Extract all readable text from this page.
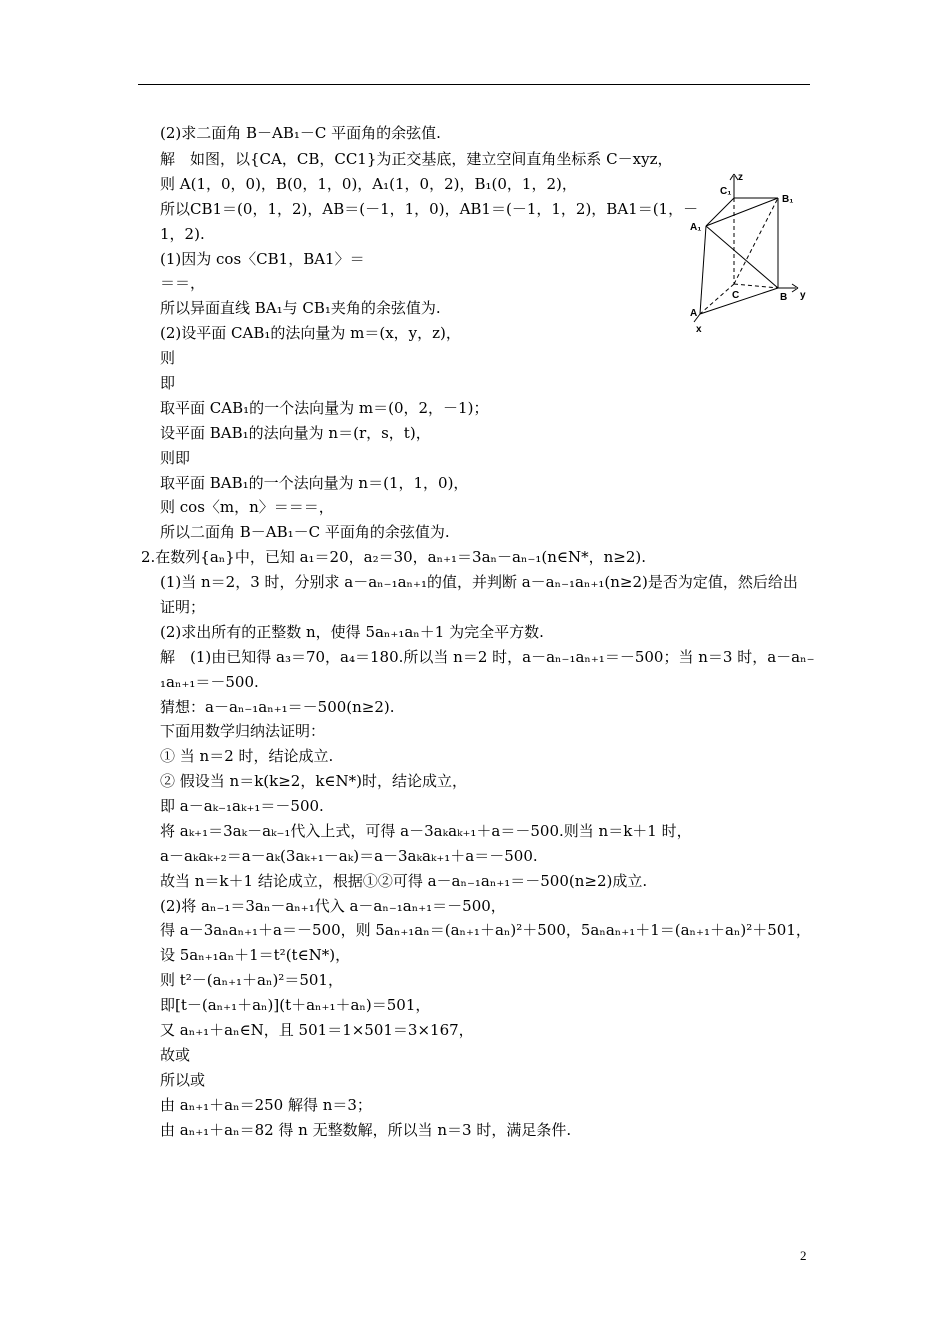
(2)求二面角 B－AB₁－C 平面角的余弦值.
解　如图，以{CA，CB，CC1}为正交基底，建立空间直角坐标系 C－xyz，
则 A(1，0，0)，B(0，1，0)，A₁(1，0，2)，B₁(0，1，2)，
所以CB1＝(0，1，2)，AB＝(－1，1，0)，AB1＝(－1，1，2)，BA1＝(1，－
1，2).
(1)因为 cos〈CB1，BA1〉＝
＝＝，
所以异面直线 BA₁与 CB₁夹角的余弦值为.
(2)设平面 CAB₁的法向量为 m＝(x，y，z)，
则
即
取平面 CAB₁的一个法向量为 m＝(0，2，－1)；
设平面 BAB₁的法向量为 n＝(r，s，t)，
则即
取平面 BAB₁的一个法向量为 n＝(1，1，0)，
则 cos〈m，n〉＝＝＝，
所以二面角 B－AB₁－C 平面角的余弦值为.
2.在数列{aₙ}中，已知 a₁＝20，a₂＝30，aₙ₊₁＝3aₙ－aₙ₋₁(n∈N*，n≥2).
(1)当 n＝2，3 时，分别求 a－aₙ₋₁aₙ₊₁的值，并判断 a－aₙ₋₁aₙ₊₁(n≥2)是否为定值，然后给出
证明；
(2)求出所有的正整数 n，使得 5aₙ₊₁aₙ＋1 为完全平方数.
解　(1)由已知得 a₃＝70，a₄＝180.所以当 n＝2 时，a－aₙ₋₁aₙ₊₁＝－500；当 n＝3 时，a－aₙ₋
₁aₙ₊₁＝－500.
猜想：a－aₙ₋₁aₙ₊₁＝－500(n≥2).
下面用数学归纳法证明：
① 当 n＝2 时，结论成立.
② 假设当 n＝k(k≥2，k∈N*)时，结论成立，
即 a－aₖ₋₁aₖ₊₁＝－500.
将 aₖ₊₁＝3aₖ－aₖ₋₁代入上式，可得 a－3aₖaₖ₊₁＋a＝－500.则当 n＝k＋1 时，
a－aₖaₖ₊₂＝a－aₖ(3aₖ₊₁－aₖ)＝a－3aₖaₖ₊₁＋a＝－500.
故当 n＝k＋1 结论成立，根据①②可得 a－aₙ₋₁aₙ₊₁＝－500(n≥2)成立.
(2)将 aₙ₋₁＝3aₙ－aₙ₊₁代入 a－aₙ₋₁aₙ₊₁＝－500，
得 a－3aₙaₙ₊₁＋a＝－500，则 5aₙ₊₁aₙ＝(aₙ₊₁＋aₙ)²＋500，5aₙaₙ₊₁＋1＝(aₙ₊₁＋aₙ)²＋501，
设 5aₙ₊₁aₙ＋1＝t²(t∈N*)，
则 t²－(aₙ₊₁＋aₙ)²＝501，
即[t－(aₙ₊₁＋aₙ)](t＋aₙ₊₁＋aₙ)＝501，
又 aₙ₊₁＋aₙ∈N，且 501＝1×501＝3×167，
故或
所以或
由 aₙ₊₁＋aₙ＝250 解得 n＝3；
由 aₙ₊₁＋aₙ＝82 得 n 无整数解，所以当 n＝3 时，满足条件.
z
C₁
B₁
A₁
C	B y
A
x
2
